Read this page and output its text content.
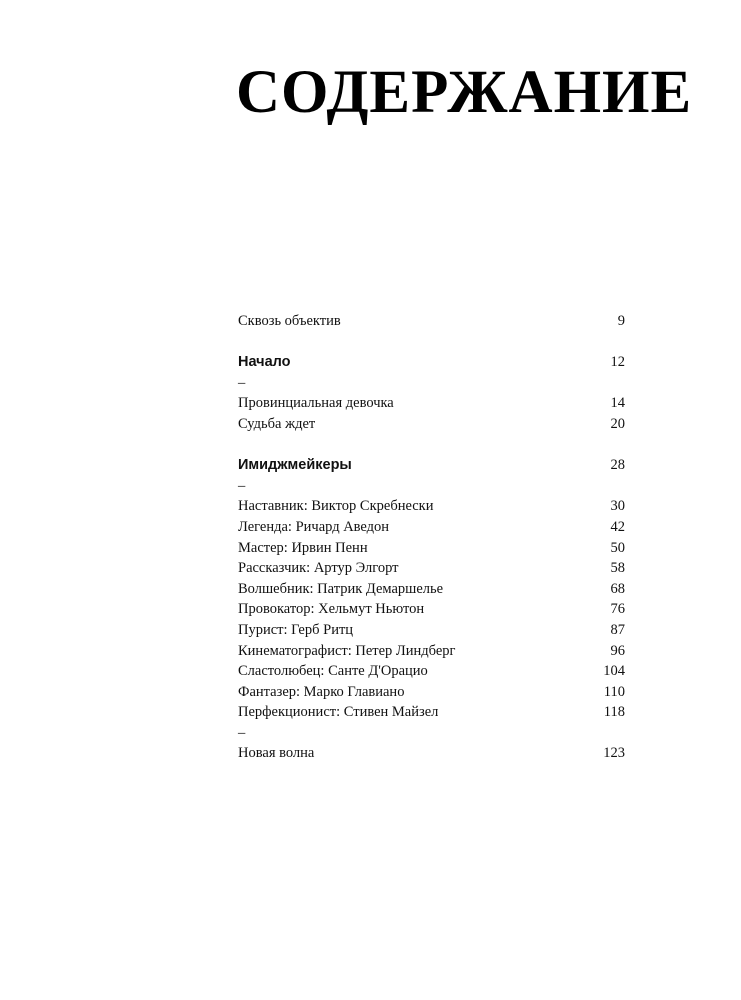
СОДЕРЖАНИЕ
Сквозь объектив	9
Начало	12
–
Провинциальная девочка	14
Судьба ждет	20
Имиджмейкеры	28
–
Наставник: Виктор Скребнески	30
Легенда: Ричард Аведон	42
Мастер: Ирвин Пенн	50
Рассказчик: Артур Элгорт	58
Волшебник: Патрик Демаршелье	68
Провокатор: Хельмут Ньютон	76
Пурист: Герб Ритц	87
Кинематографист: Петер Линдберг	96
Сластолюбец: Санте Д'Орацио	104
Фантазер: Марко Главиано	110
Перфекционист: Стивен Майзел	118
–
Новая волна	123
